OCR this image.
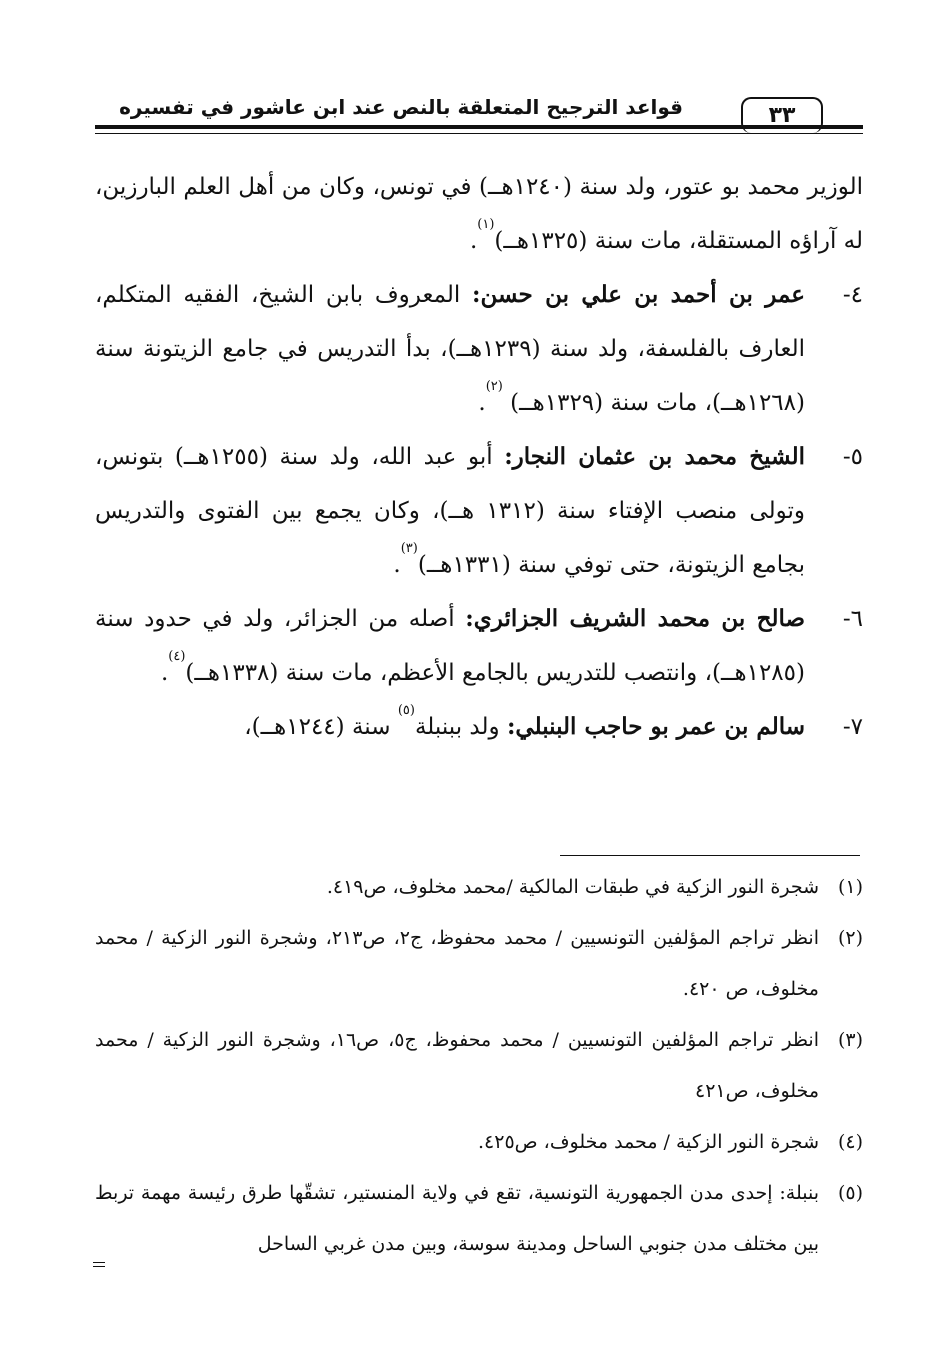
قواعد الترجيح المتعلقة بالنص عند ابن عاشور في تفسيره	٣٣

الوزير محمد بو عتور، ولد سنة (١٢٤٠هــ) في تونس، وكان من أهل العلم البارزين، له آراؤه المستقلة، مات سنة (١٣٢٥هــ)$^{(١)}$.

٤-
عمر بن أحمد بن علي بن حسن: المعروف بابن الشيخ، الفقيه المتكلم، العارف بالفلسفة، ولد سنة (١٢٣٩هــ)، بدأ التدريس في جامع الزيتونة سنة (١٢٦٨هــ)، مات سنة (١٣٢٩هــ) $^{(٢)}$.

٥-
الشيخ محمد بن عثمان النجار: أبو عبد الله، ولد سنة (١٢٥٥هــ) بتونس، وتولى منصب الإفتاء سنة (١٣١٢ هــ)، وكان يجمع بين الفتوى والتدريس بجامع الزيتونة، حتى توفي سنة (١٣٣١هــ)$^{(٣)}$.

٦-
صالح بن محمد الشريف الجزائري: أصله من الجزائر، ولد في حدود سنة (١٢٨٥هــ)، وانتصب للتدريس بالجامع الأعظم، مات سنة (١٣٣٨هــ)$^{(٤)}$.

٧-
سالم بن عمر بو حاجب البنبلي: ولد ببنبلة$^{(٥)}$ سنة (١٢٤٤هــ)،

(١)
شجرة النور الزكية في طبقات المالكية /محمد مخلوف، ص٤١٩.

(٢)
انظر تراجم المؤلفين التونسيين / محمد محفوظ، ج٢، ص٢١٣، وشجرة النور الزكية / محمد مخلوف، ص ٤٢٠.

(٣)
انظر تراجم المؤلفين التونسيين / محمد محفوظ، ج٥، ص١٦، وشجرة النور الزكية / محمد مخلوف، ص٤٢١

(٤)
شجرة النور الزكية / محمد مخلوف، ص٤٢٥.

(٥)
بنبلة: إحدى مدن الجمهورية التونسية، تقع في ولاية المنستير، تشقّها طرق رئيسة مهمة تربط بين مختلف مدن جنوبي الساحل ومدينة سوسة، وبين مدن غربي الساحل
